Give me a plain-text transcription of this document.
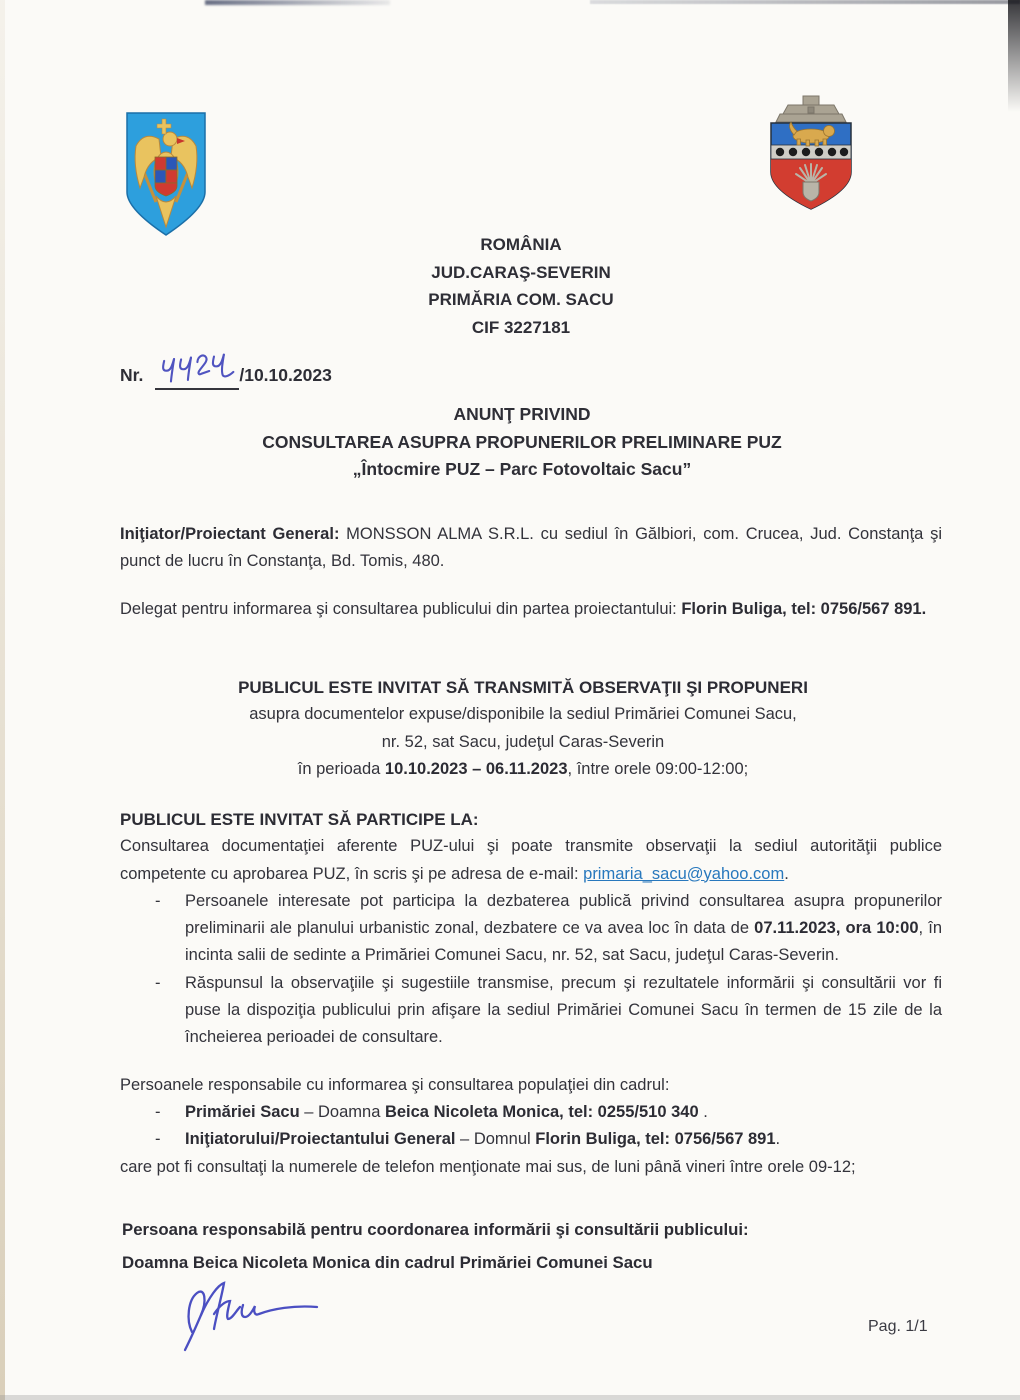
ROMÂNIA
JUD.CARAŞ-SEVERIN
PRIMĂRIA COM. SACU
CIF 3227181
Nr.	/10.10.2023
ANUNŢ PRIVIND
CONSULTAREA ASUPRA PROPUNERILOR PRELIMINARE PUZ
„Întocmire PUZ – Parc Fotovoltaic Sacu”

Iniţiator/Proiectant General: MONSSON ALMA S.R.L. cu sediul în Gălbiori, com. Crucea, Jud. Constanţa şi punct de lucru în Constanţa, Bd. Tomis, 480.

Delegat pentru informarea şi consultarea publicului din partea proiectantului: Florin Buliga, tel: 0756/567 891.

PUBLICUL ESTE INVITAT SĂ TRANSMITĂ OBSERVAŢII ŞI PROPUNERI
asupra documentelor expuse/disponibile la sediul Primăriei Comunei Sacu,
nr. 52, sat Sacu, judeţul Caras-Severin
în perioada 10.10.2023 – 06.11.2023, între orele 09:00-12:00;
PUBLICUL ESTE INVITAT SĂ PARTICIPE LA:
Consultarea documentaţiei aferente PUZ-ului şi poate transmite observaţii la sediul autorităţii publice competente cu aprobarea PUZ, în scris şi pe adresa de e-mail: primaria_sacu@yahoo.com.
-	Persoanele interesate pot participa la dezbaterea publică privind consultarea asupra propunerilor preliminarii ale planului urbanistic zonal, dezbatere ce va avea loc în data de 07.11.2023, ora 10:00, în incinta salii de sedinte a Primăriei Comunei Sacu, nr. 52, sat Sacu, judeţul Caras-Severin.
-	Răspunsul la observaţiile şi sugestiile transmise, precum şi rezultatele informării şi consultării vor fi puse la dispoziţia publicului prin afişare la sediul Primăriei Comunei Sacu în termen de 15 zile de la încheierea perioadei de consultare.
Persoanele responsabile cu informarea şi consultarea populaţiei din cadrul:
-	Primăriei Sacu – Doamna Beica Nicoleta Monica, tel: 0255/510 340 .
-	Iniţiatorului/Proiectantului General – Domnul Florin Buliga, tel: 0756/567 891.
care pot fi consultaţi la numerele de telefon menţionate mai sus, de luni până vineri între orele 09-12;
Persoana responsabilă pentru coordonarea informării şi consultării publicului:
Doamna Beica Nicoleta Monica din cadrul Primăriei Comunei Sacu
Pag. 1/1
